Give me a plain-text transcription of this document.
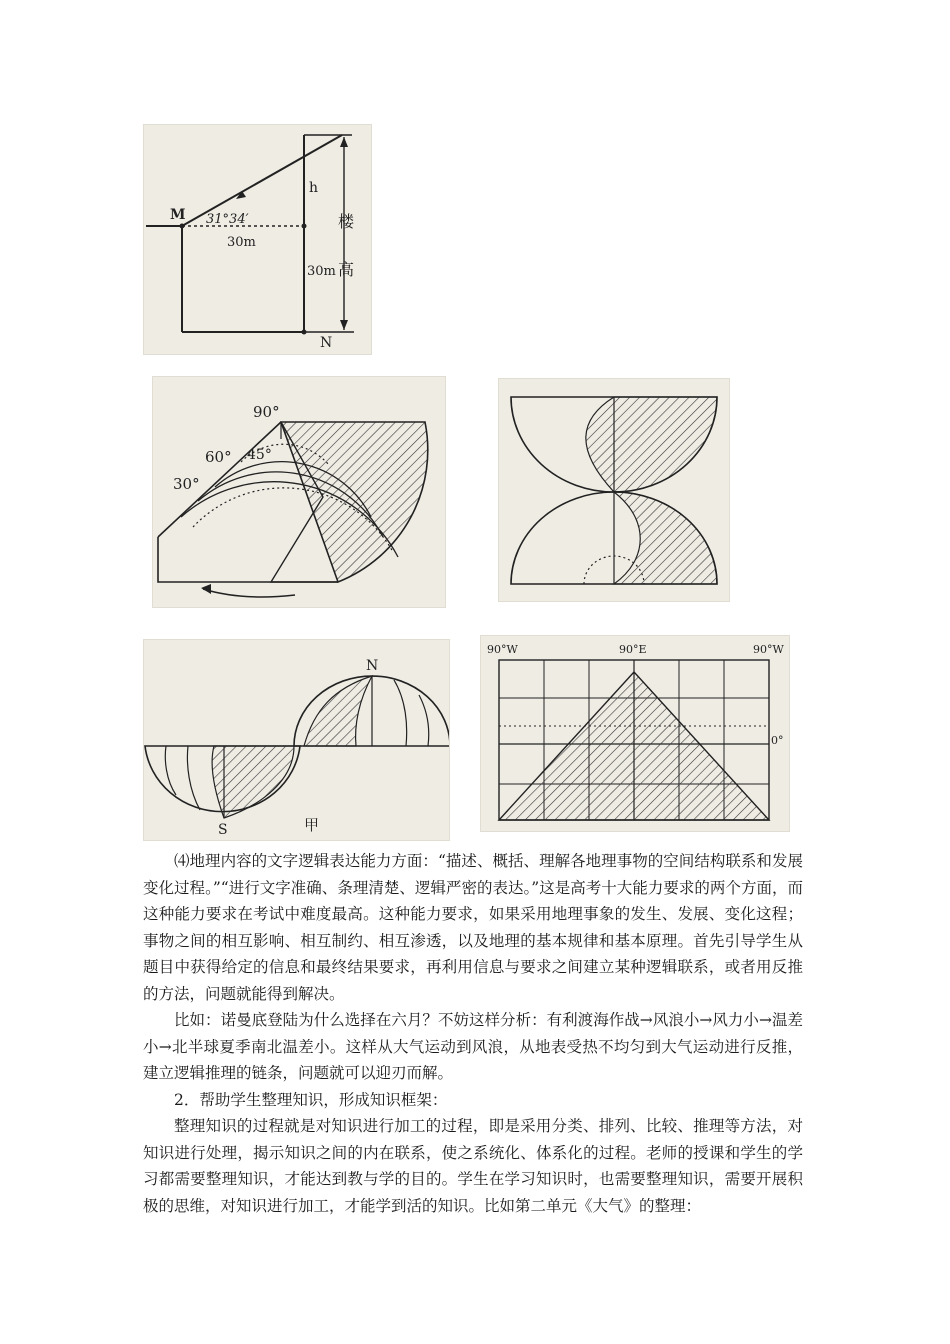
M 31°34′
30m
h
楼
30m 高
N
90°
60° 45°
30°
N
S	甲
90°W	90°E	90°W
0°

⑷地理内容的文字逻辑表达能力方面：“描述、概括、理解各地理事物的空间结构联系和发展变化过程。”“进行文字准确、条理清楚、逻辑严密的表达。”这是高考十大能力要求的两个方面，而这种能力要求在考试中难度最高。这种能力要求，如果采用地理事象的发生、发展、变化这程；事物之间的相互影响、相互制约、相互渗透，以及地理的基本规律和基本原理。首先引导学生从题目中获得给定的信息和最终结果要求，再利用信息与要求之间建立某种逻辑联系，或者用反推的方法，问题就能得到解决。

比如：诺曼底登陆为什么选择在六月？不妨这样分析：有利渡海作战→风浪小→风力小→温差小→北半球夏季南北温差小。这样从大气运动到风浪，从地表受热不均匀到大气运动进行反推，建立逻辑推理的链条，问题就可以迎刃而解。

2．帮助学生整理知识，形成知识框架：

整理知识的过程就是对知识进行加工的过程，即是采用分类、排列、比较、推理等方法，对知识进行处理，揭示知识之间的内在联系，使之系统化、体系化的过程。老师的授课和学生的学习都需要整理知识，才能达到教与学的目的。学生在学习知识时，也需要整理知识，需要开展积极的思维，对知识进行加工，才能学到活的知识。比如第二单元《大气》的整理：
